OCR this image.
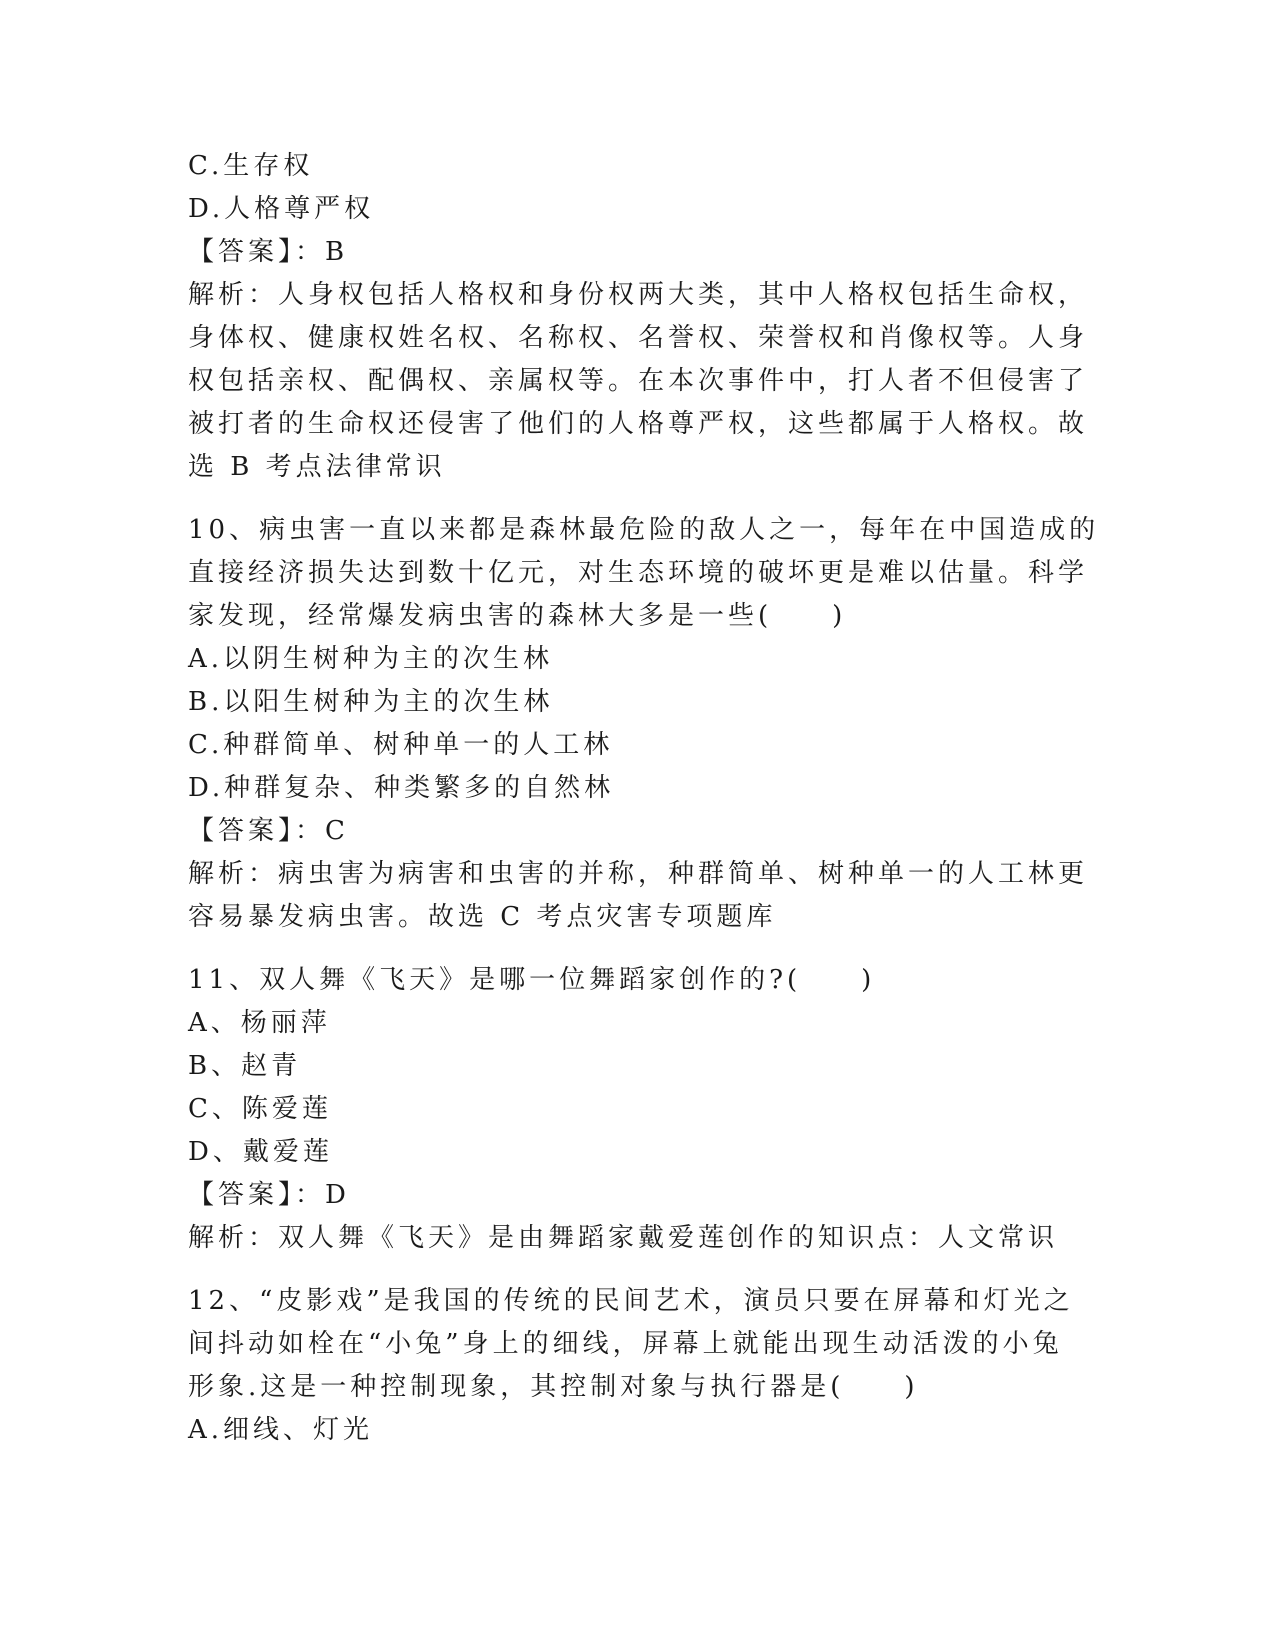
C.生存权
D.人格尊严权
【答案】：B
解析：人身权包括人格权和身份权两大类，其中人格权包括生命权，
身体权、健康权姓名权、名称权、名誉权、荣誉权和肖像权等。人身
权包括亲权、配偶权、亲属权等。在本次事件中，打人者不但侵害了
被打者的生命权还侵害了他们的人格尊严权，这些都属于人格权。故
选 B 考点法律常识
10、病虫害一直以来都是森林最危险的敌人之一，每年在中国造成的
直接经济损失达到数十亿元，对生态环境的破坏更是难以估量。科学
家发现，经常爆发病虫害的森林大多是一些(　　)
A.以阴生树种为主的次生林
B.以阳生树种为主的次生林
C.种群简单、树种单一的人工林
D.种群复杂、种类繁多的自然林
【答案】：C
解析：病虫害为病害和虫害的并称，种群简单、树种单一的人工林更
容易暴发病虫害。故选 C 考点灾害专项题库
11、双人舞《飞天》是哪一位舞蹈家创作的?(　　)
A、杨丽萍
B、赵青
C、陈爱莲
D、戴爱莲
【答案】：D
解析：双人舞《飞天》是由舞蹈家戴爱莲创作的知识点：人文常识
12、“皮影戏”是我国的传统的民间艺术，演员只要在屏幕和灯光之
间抖动如栓在“小兔”身上的细线，屏幕上就能出现生动活泼的小兔
形象.这是一种控制现象，其控制对象与执行器是(　　)
A.细线、灯光
